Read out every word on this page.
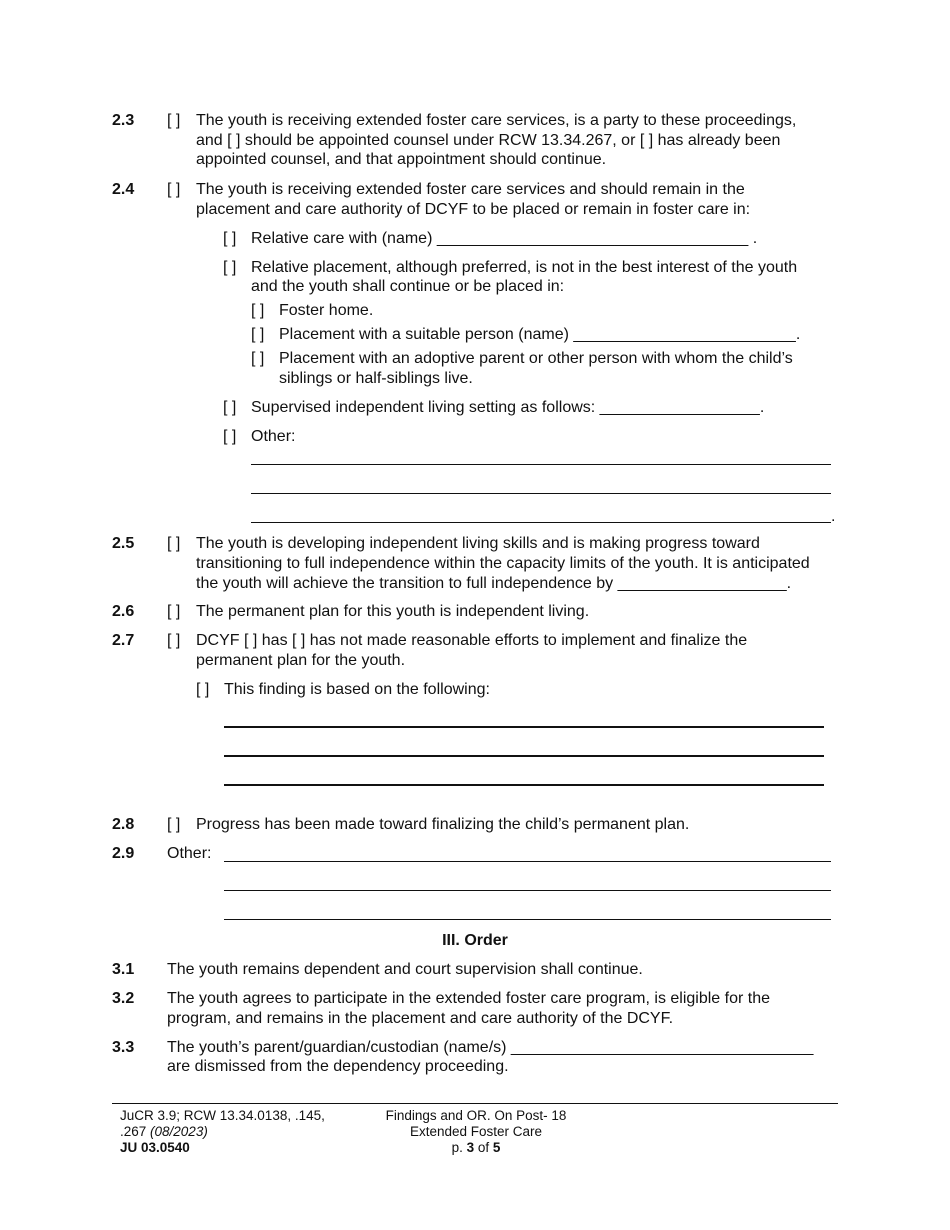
2.3 [ ] The youth is receiving extended foster care services, is a party to these proceedings,
and [ ] should be appointed counsel under RCW 13.34.267, or [ ] has already been
appointed counsel, and that appointment should continue.
2.4 [ ] The youth is receiving extended foster care services and should remain in the
placement and care authority of DCYF to be placed or remain in foster care in:
[ ] Relative care with (name) ___________________________________ .
[ ] Relative placement, although preferred, is not in the best interest of the youth
and the youth shall continue or be placed in:
[ ] Foster home.
[ ] Placement with a suitable person (name) _________________________.
[ ] Placement with an adoptive parent or other person with whom the child’s
siblings or half-siblings live.
[ ] Supervised independent living setting as follows: __________________.
[ ] Other:
.
2.5 [ ] The youth is developing independent living skills and is making progress toward
transitioning to full independence within the capacity limits of the youth. It is anticipated
the youth will achieve the transition to full independence by ___________________.
2.6 [ ] The permanent plan for this youth is independent living.
2.7 [ ] DCYF [ ] has [ ] has not made reasonable efforts to implement and finalize the
permanent plan for the youth.
[ ] This finding is based on the following:
2.8 [ ] Progress has been made toward finalizing the child’s permanent plan.
2.9 Other:
III. Order
3.1 The youth remains dependent and court supervision shall continue.
3.2 The youth agrees to participate in the extended foster care program, is eligible for the
program, and remains in the placement and care authority of the DCYF.
3.3 The youth’s parent/guardian/custodian (name/s) __________________________________
are dismissed from the dependency proceeding.
JuCR 3.9; RCW 13.34.0138, .145,
.267 (08/2023)
JU 03.0540
Findings and OR. On Post- 18
Extended Foster Care
p. 3 of 5
